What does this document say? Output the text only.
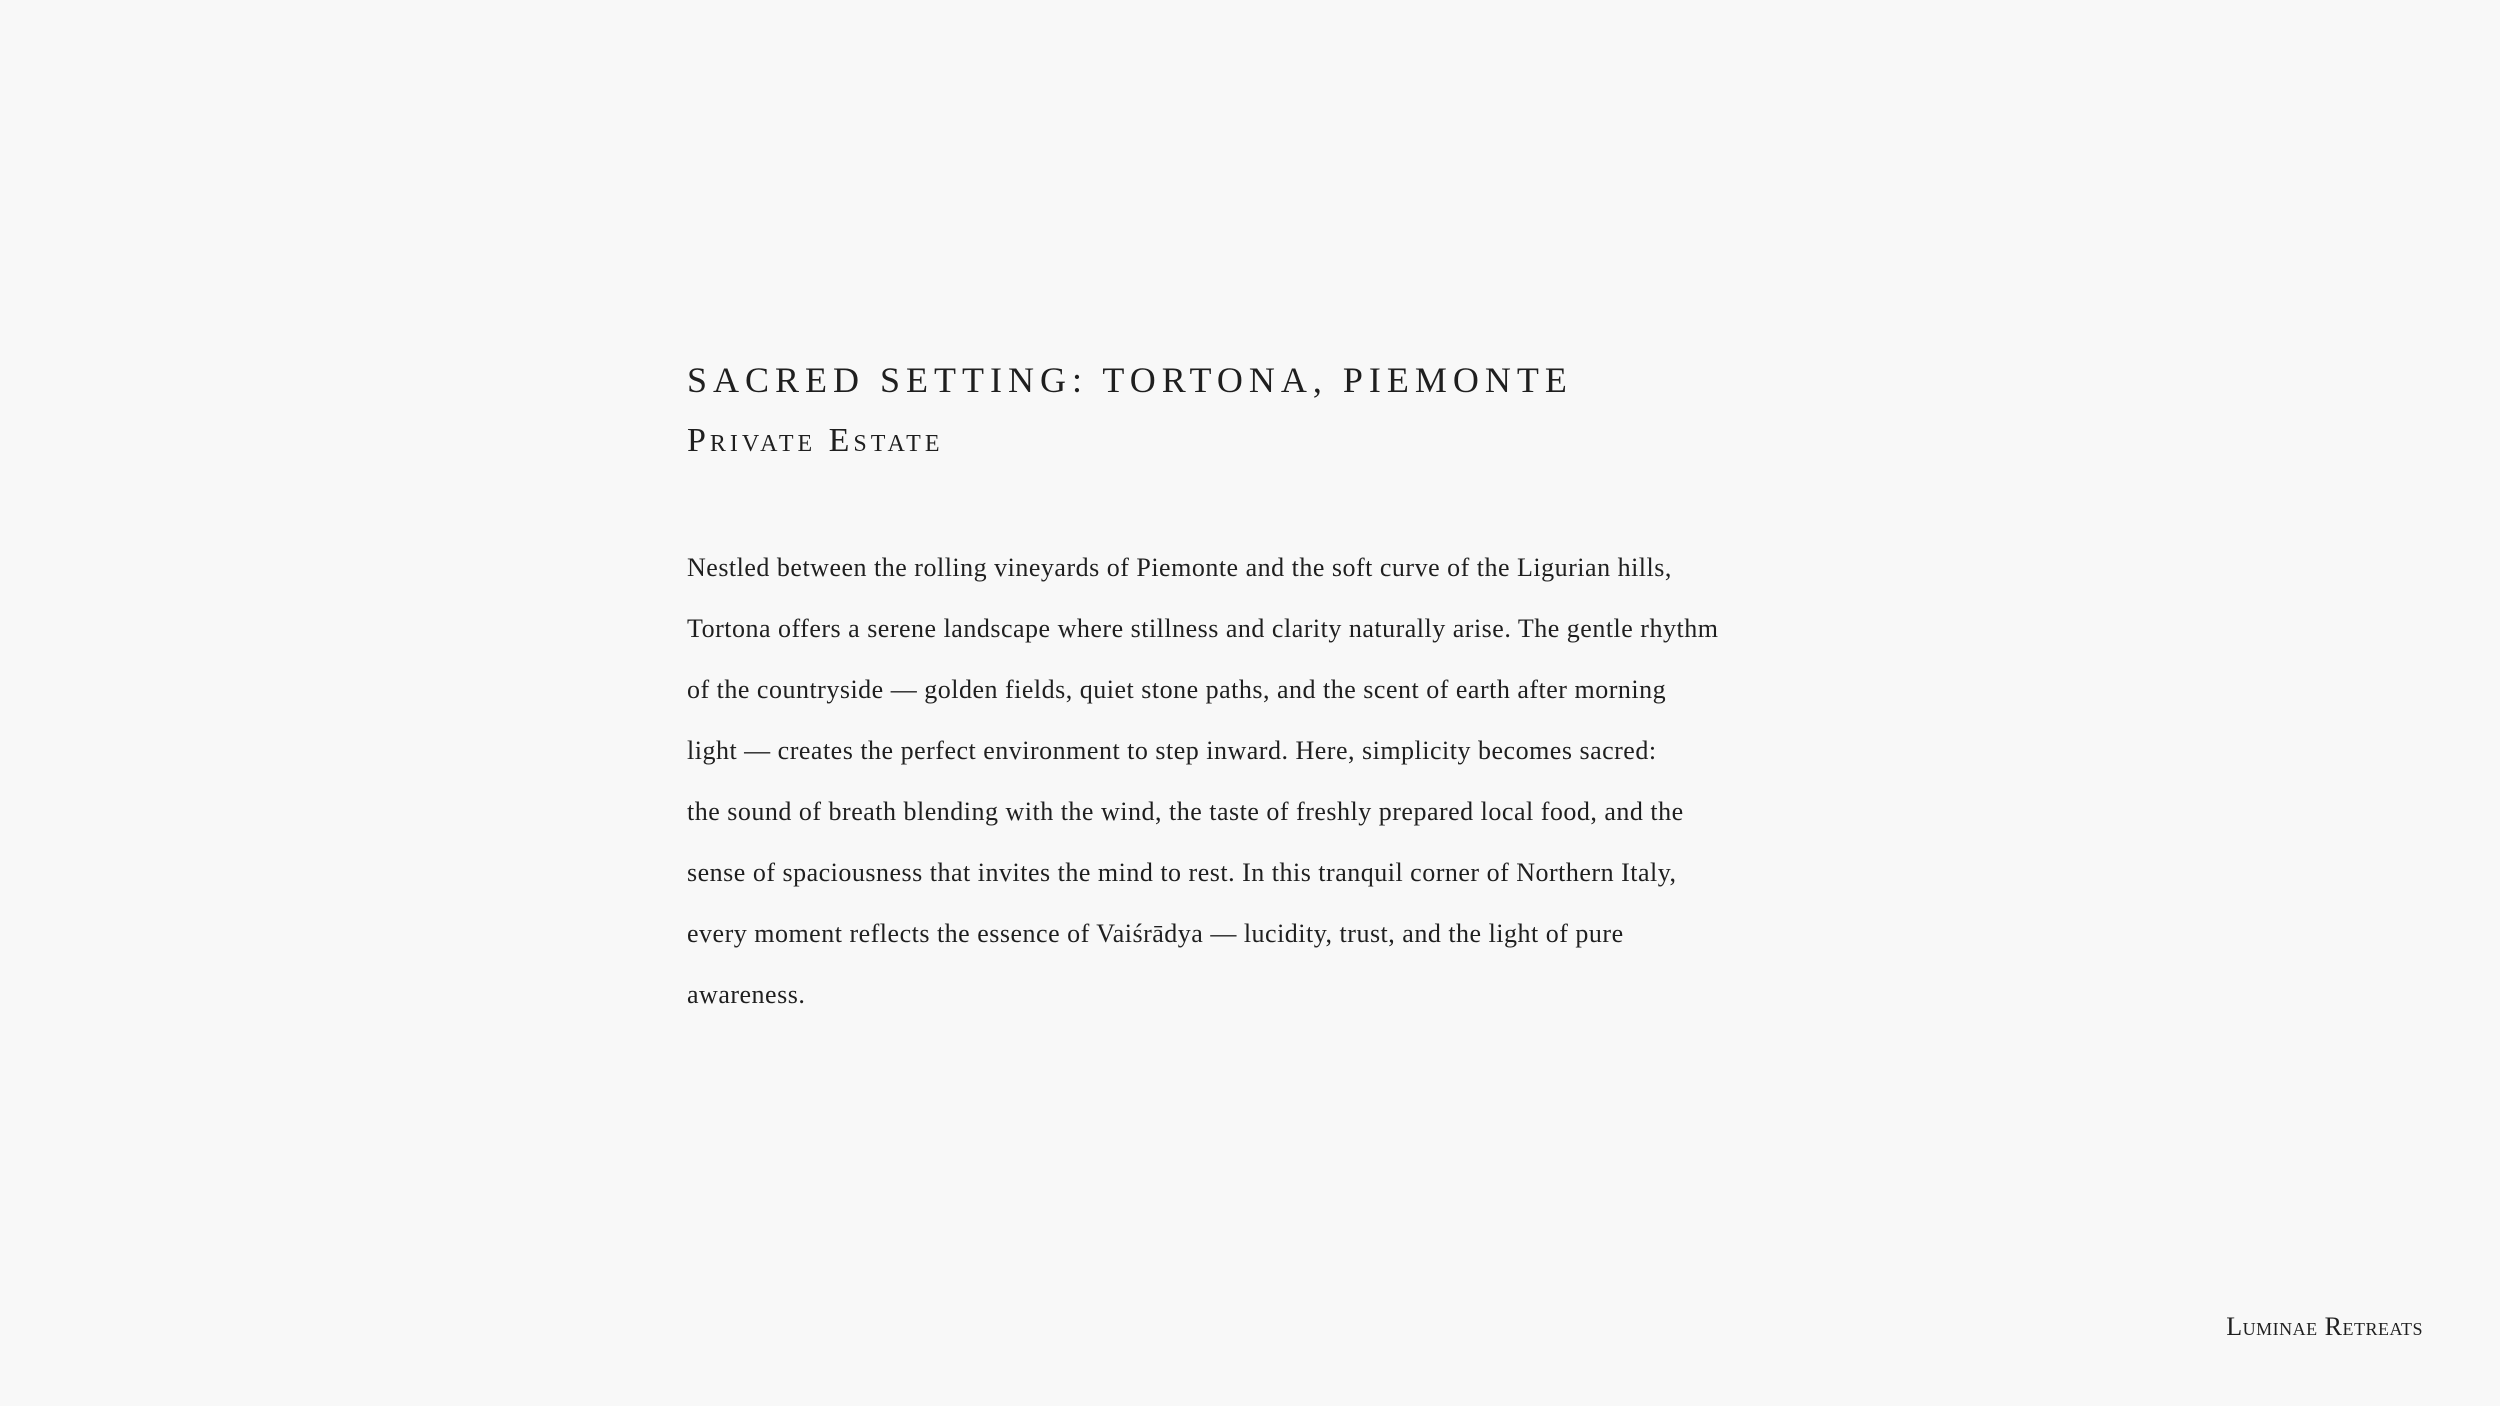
SACRED SETTING: TORTONA, PIEMONTE
Private Estate
Nestled between the rolling vineyards of Piemonte and the soft curve of the Ligurian hills,
Tortona offers a serene landscape where stillness and clarity naturally arise. The gentle rhythm
of the countryside — golden fields, quiet stone paths, and the scent of earth after morning
light — creates the perfect environment to step inward. Here, simplicity becomes sacred:
the sound of breath blending with the wind, the taste of freshly prepared local food, and the
sense of spaciousness that invites the mind to rest. In this tranquil corner of Northern Italy,
every moment reflects the essence of Vaiśrādya — lucidity, trust, and the light of pure
awareness.
Luminae Retreats
